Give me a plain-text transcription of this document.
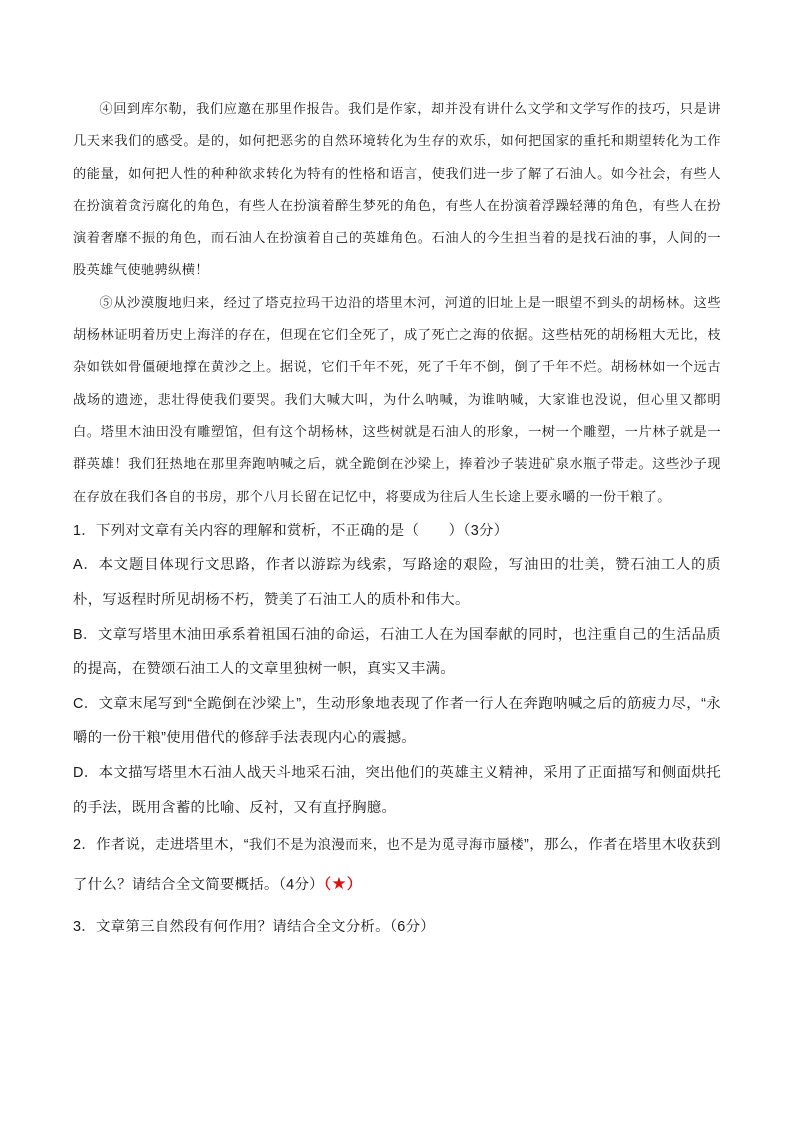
④回到库尔勒，我们应邀在那里作报告。我们是作家，却并没有讲什么文学和文学写作的技巧，只是讲几天来我们的感受。是的，如何把恶劣的自然环境转化为生存的欢乐，如何把国家的重托和期望转化为工作的能量，如何把人性的种种欲求转化为特有的性格和语言，使我们进一步了解了石油人。如今社会，有些人在扮演着贪污腐化的角色，有些人在扮演着醉生梦死的角色，有些人在扮演着浮躁轻薄的角色，有些人在扮演着奢靡不振的角色，而石油人在扮演着自己的英雄角色。石油人的今生担当着的是找石油的事，人间的一股英雄气使驰骋纵横！

⑤从沙漠腹地归来，经过了塔克拉玛干边沿的塔里木河，河道的旧址上是一眼望不到头的胡杨林。这些胡杨林证明着历史上海洋的存在，但现在它们全死了，成了死亡之海的依据。这些枯死的胡杨粗大无比，枝杂如铁如骨僵硬地撑在黄沙之上。据说，它们千年不死，死了千年不倒，倒了千年不烂。胡杨林如一个远古战场的遗迹，悲壮得使我们要哭。我们大喊大叫，为什么呐喊，为谁呐喊，大家谁也没说，但心里又都明白。塔里木油田没有雕塑馆，但有这个胡杨林，这些树就是石油人的形象，一树一个雕塑，一片林子就是一群英雄！我们狂热地在那里奔跑呐喊之后，就全跪倒在沙梁上，捧着沙子装进矿泉水瓶子带走。这些沙子现在存放在我们各自的书房，那个八月长留在记忆中，将要成为往后人生长途上要永嚼的一份干粮了。

1．下列对文章有关内容的理解和赏析，不正确的是（　　）（3分）

A．本文题目体现行文思路，作者以游踪为线索，写路途的艰险，写油田的壮美，赞石油工人的质朴，写返程时所见胡杨不朽，赞美了石油工人的质朴和伟大。

B．文章写塔里木油田承系着祖国石油的命运，石油工人在为国奉献的同时，也注重自己的生活品质的提高，在赞颂石油工人的文章里独树一帜，真实又丰满。

C．文章末尾写到“全跪倒在沙梁上”，生动形象地表现了作者一行人在奔跑呐喊之后的筋疲力尽，“永嚼的一份干粮”使用借代的修辞手法表现内心的震撼。

D．本文描写塔里木石油人战天斗地采石油，突出他们的英雄主义精神，采用了正面描写和侧面烘托的手法，既用含蓄的比喻、反衬，又有直抒胸臆。

2．作者说，走进塔里木，“我们不是为浪漫而来，也不是为觅寻海市蜃楼”，那么，作者在塔里木收获到了什么？请结合全文简要概括。（4分）（★）

3．文章第三自然段有何作用？请结合全文分析。（6分）
